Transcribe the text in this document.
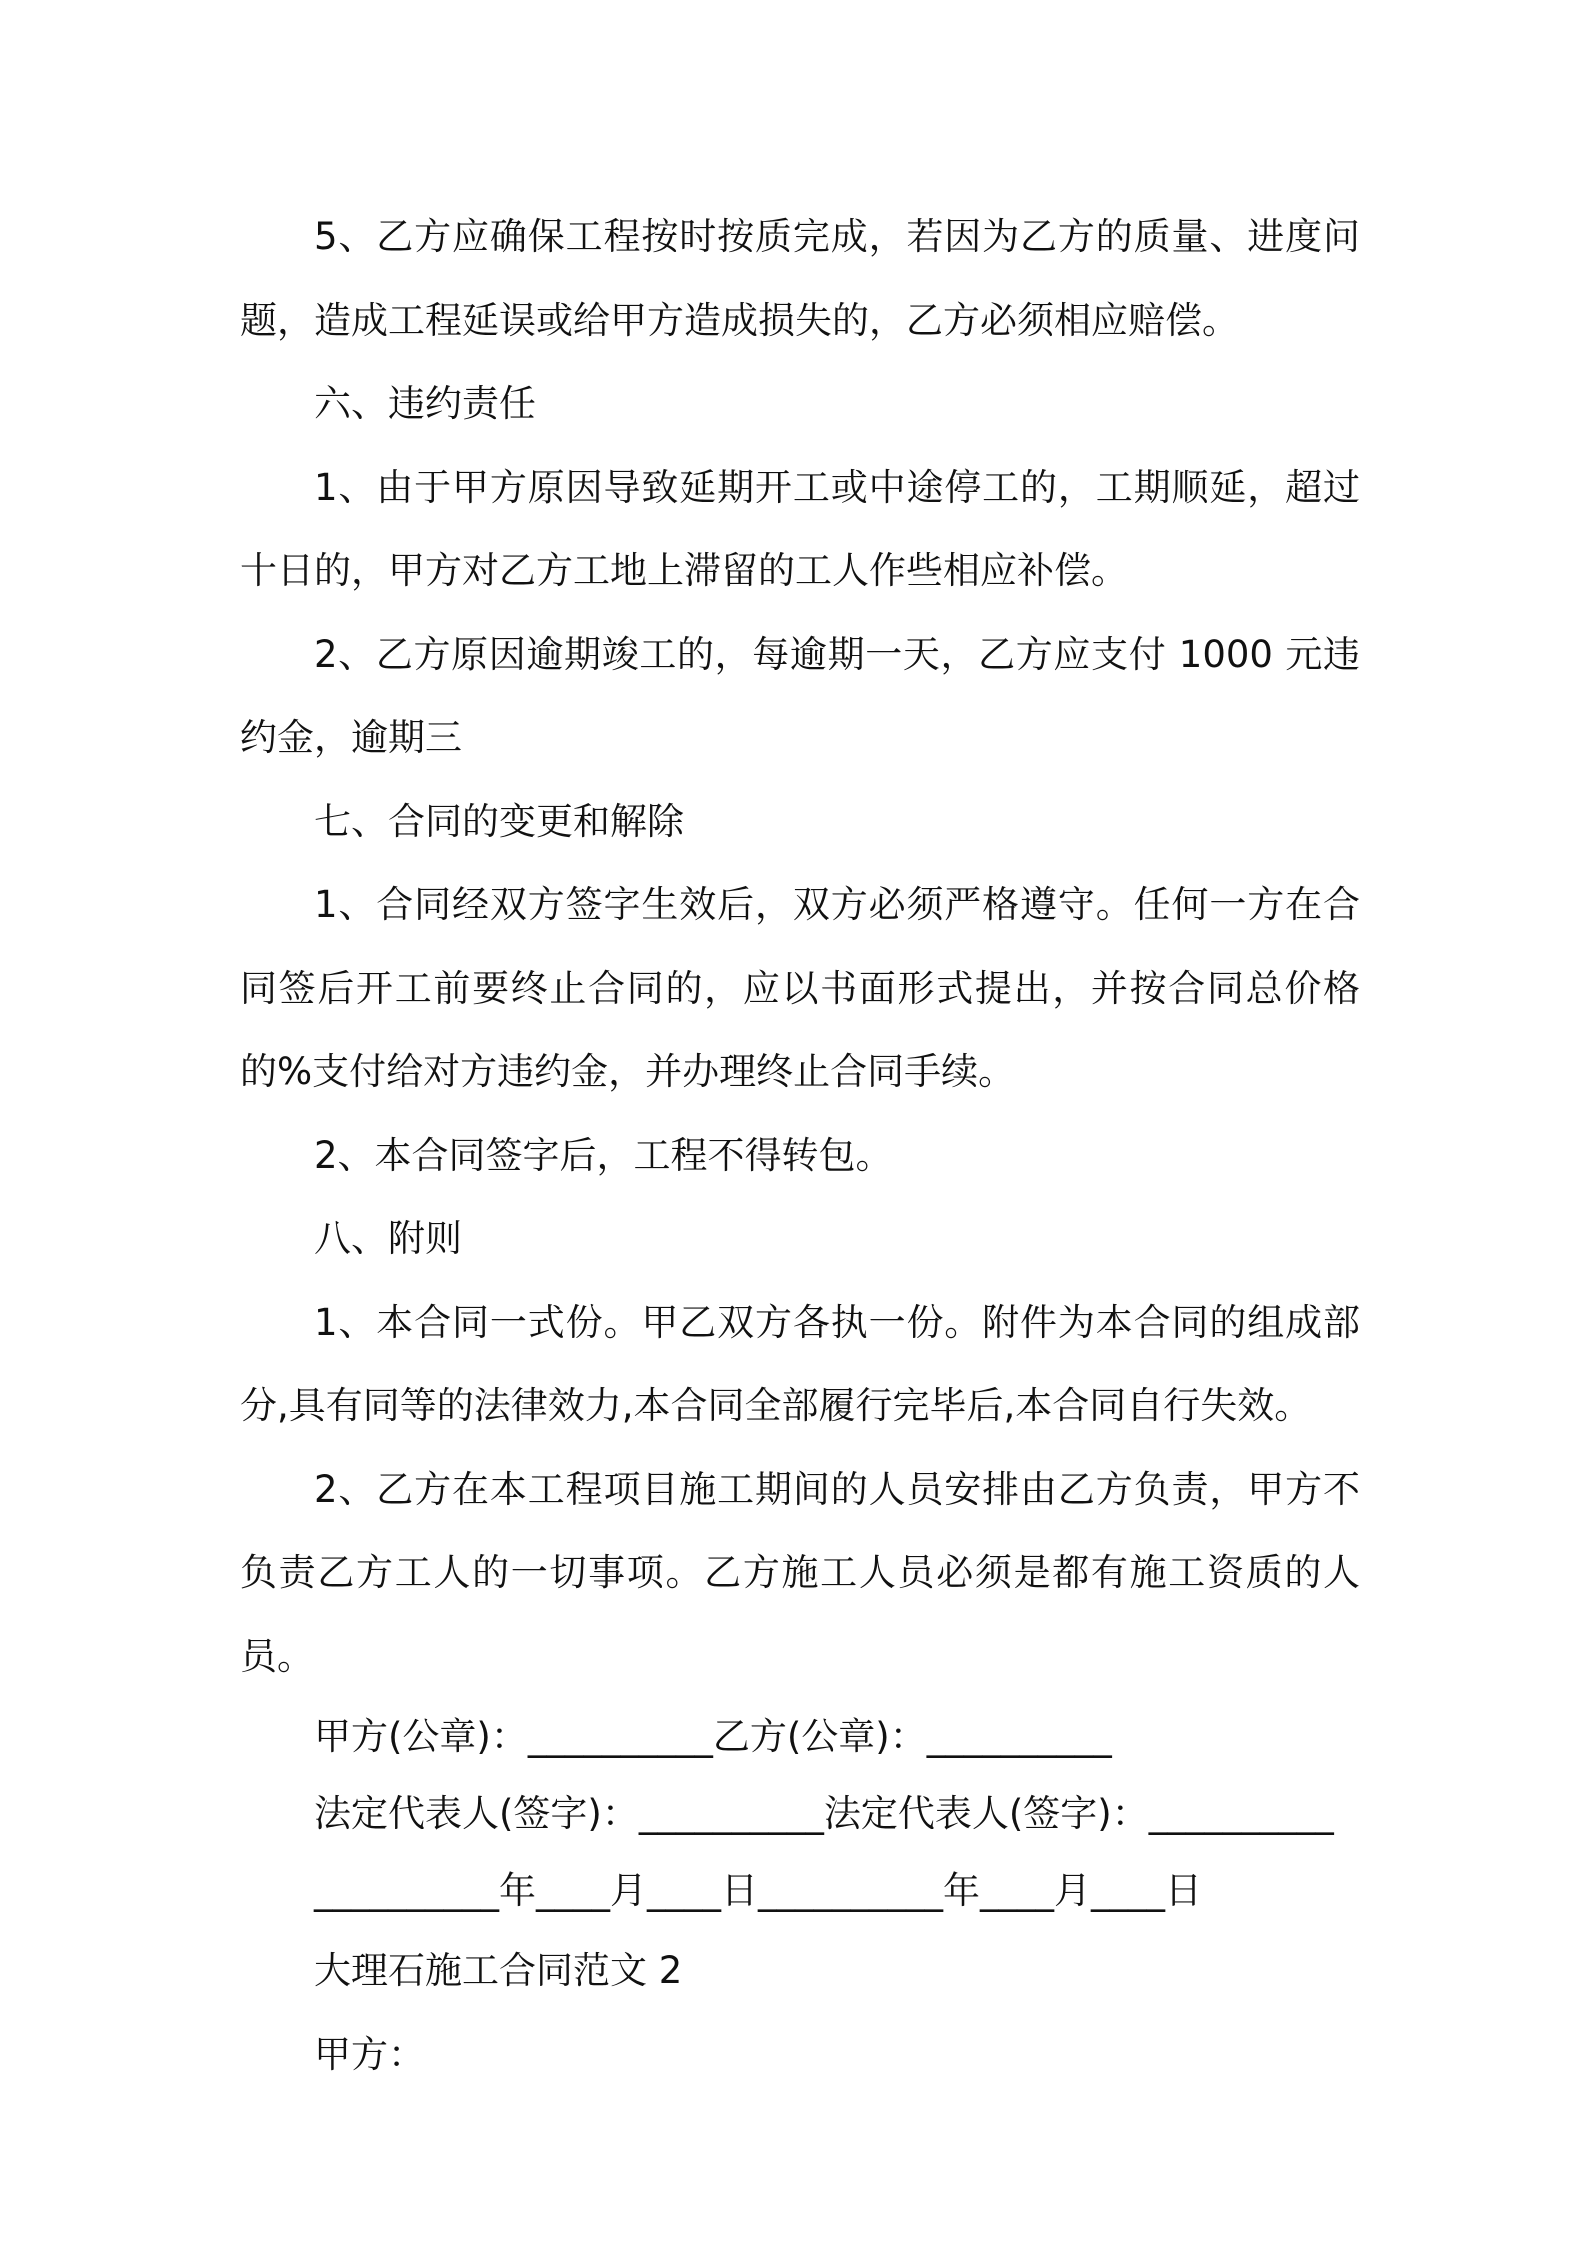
5、乙方应确保工程按时按质完成，若因为乙方的质量、进度问题，造成工程延误或给甲方造成损失的，乙方必须相应赔偿。

六、违约责任

1、由于甲方原因导致延期开工或中途停工的，工期顺延，超过十日的，甲方对乙方工地上滞留的工人作些相应补偿。

2、乙方原因逾期竣工的，每逾期一天，乙方应支付 1000 元违约金，逾期三

七、合同的变更和解除

1、合同经双方签字生效后，双方必须严格遵守。任何一方在合同签后开工前要终止合同的，应以书面形式提出，并按合同总价格的%支付给对方违约金，并办理终止合同手续。

2、本合同签字后，工程不得转包。

八、附则

1、本合同一式份。甲乙双方各执一份。附件为本合同的组成部分,具有同等的法律效力,本合同全部履行完毕后,本合同自行失效。

2、乙方在本工程项目施工期间的人员安排由乙方负责，甲方不负责乙方工人的一切事项。乙方施工人员必须是都有施工资质的人员。

甲方(公章)：__________乙方(公章)：__________

法定代表人(签字)：__________法定代表人(签字)：__________

__________年____月____日__________年____月____日

大理石施工合同范文 2

甲方：
